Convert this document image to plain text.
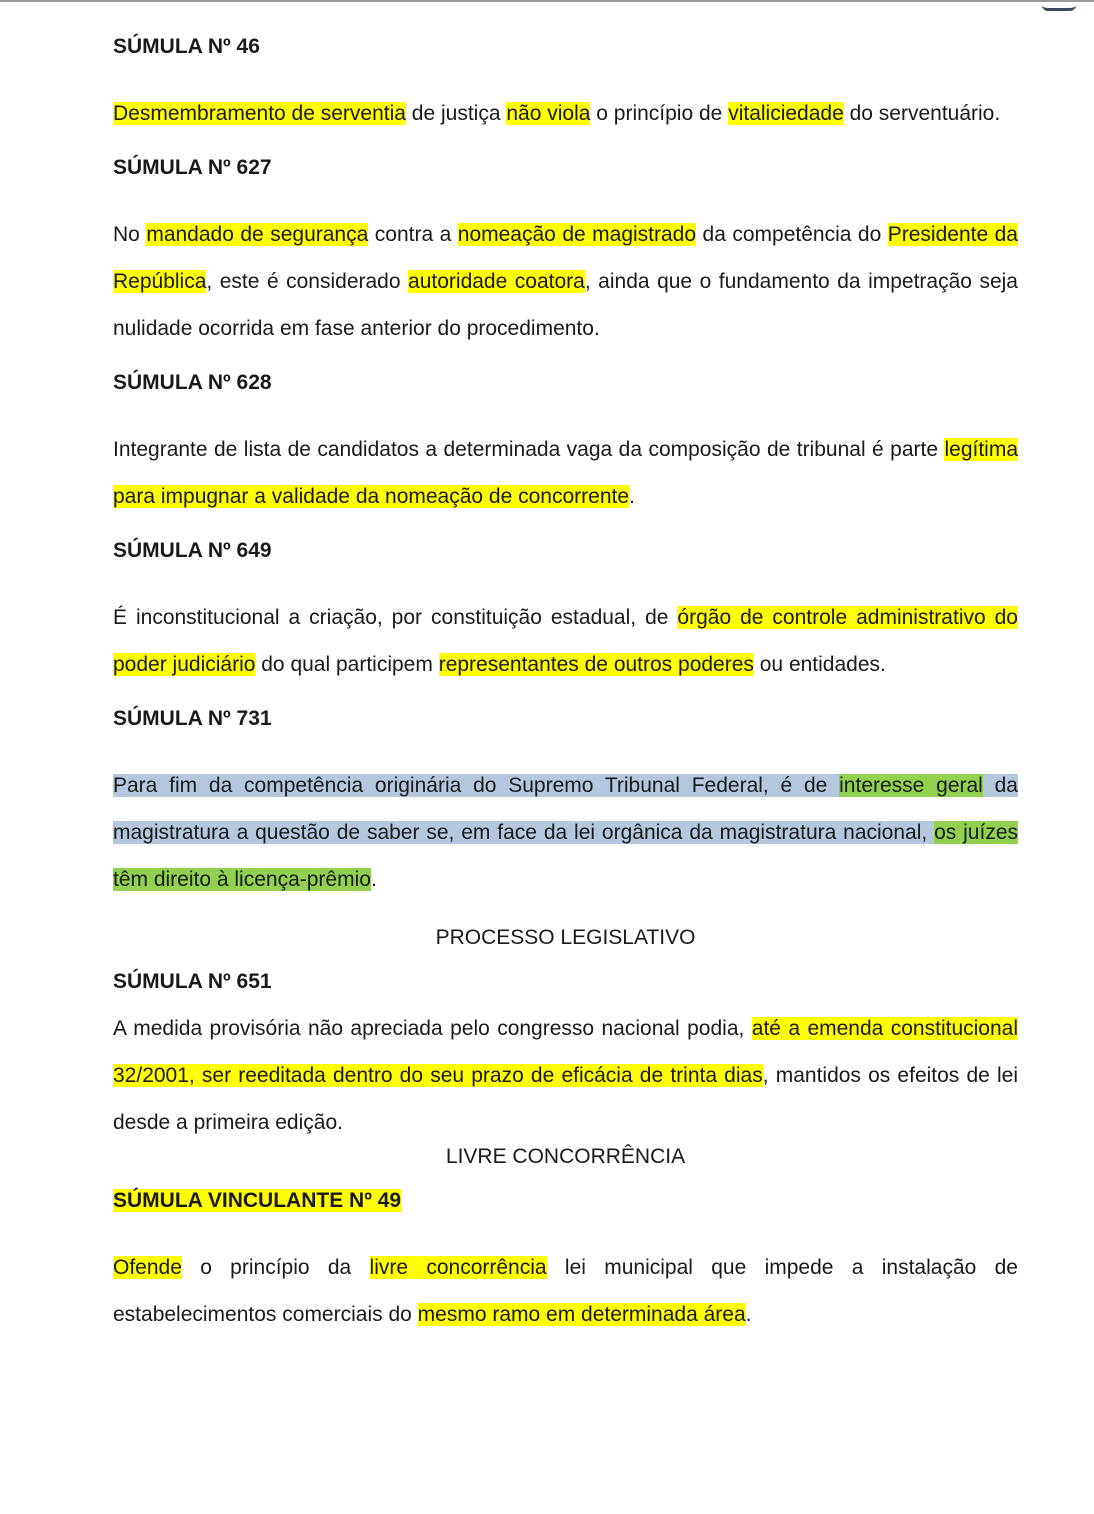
SÚMULA Nº 46

Desmembramento de serventia de justiça não viola o princípio de vitaliciedade do serventuário.

SÚMULA Nº 627

No mandado de segurança contra a nomeação de magistrado da competência do Presidente da República, este é considerado autoridade coatora, ainda que o fundamento da impetração seja nulidade ocorrida em fase anterior do procedimento.

SÚMULA Nº 628

Integrante de lista de candidatos a determinada vaga da composição de tribunal é parte legítima para impugnar a validade da nomeação de concorrente.

SÚMULA Nº 649

É inconstitucional a criação, por constituição estadual, de órgão de controle administrativo do poder judiciário do qual participem representantes de outros poderes ou entidades.

SÚMULA Nº 731

Para fim da competência originária do Supremo Tribunal Federal, é de interesse geral da magistratura a questão de saber se, em face da lei orgânica da magistratura nacional, os juízes têm direito à licença-prêmio.

PROCESSO LEGISLATIVO
SÚMULA Nº 651

A medida provisória não apreciada pelo congresso nacional podia, até a emenda constitucional 32/2001, ser reeditada dentro do seu prazo de eficácia de trinta dias, mantidos os efeitos de lei desde a primeira edição.

LIVRE CONCORRÊNCIA
SÚMULA VINCULANTE Nº 49

Ofende o princípio da livre concorrência lei municipal que impede a instalação de estabelecimentos comerciais do mesmo ramo em determinada área.
